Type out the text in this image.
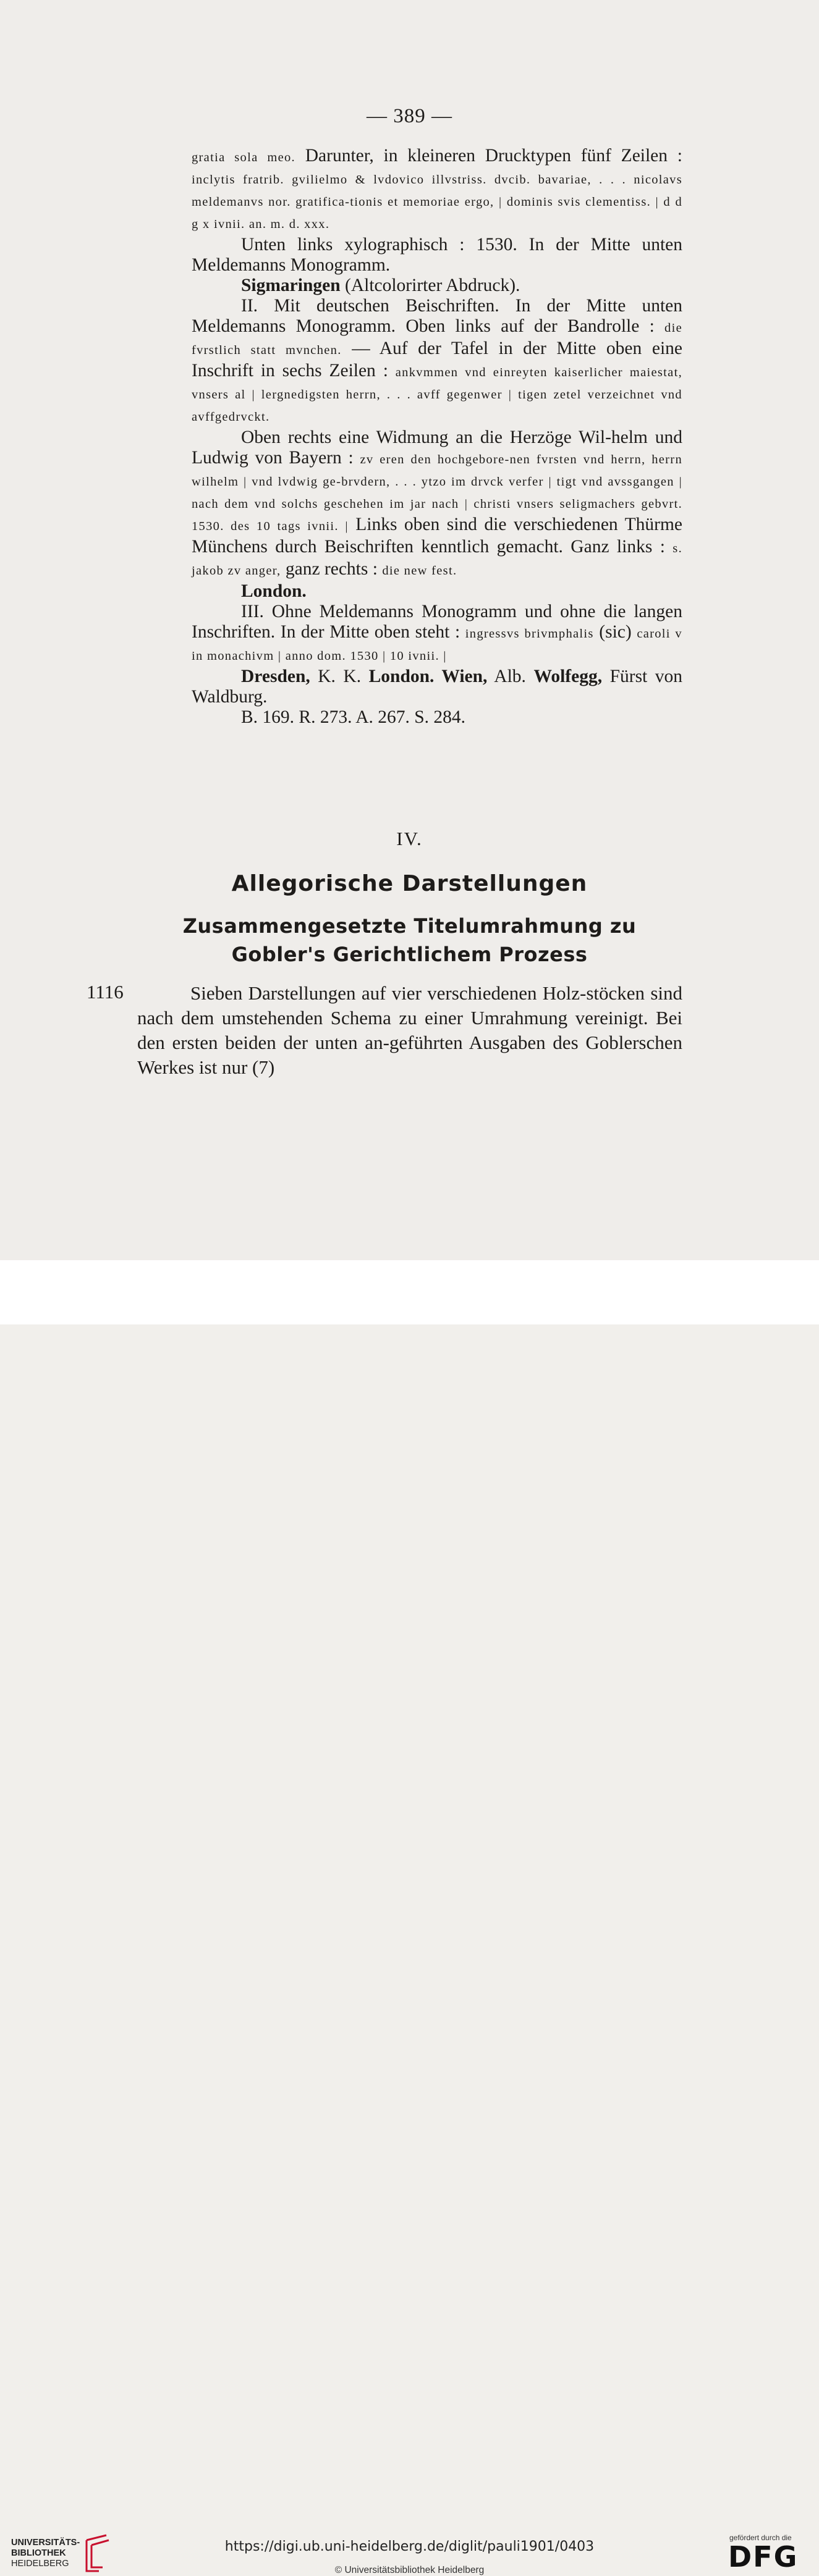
— 389 —

gratia sola meo. Darunter, in kleineren Drucktypen fünf Zeilen : inclytis fratrib. gvilielmo & lvdovico illvstriss. dvcib. bavariae, . . . nicolavs meldemanvs nor. gratifica-tionis et memoriae ergo, | dominis svis clementiss. | d d g x ivnii. an. m. d. xxx.

Unten links xylographisch : 1530. In der Mitte unten Meldemanns Monogramm.

Sigmaringen (Altcolorirter Abdruck).

II. Mit deutschen Beischriften. In der Mitte unten Meldemanns Monogramm. Oben links auf der Bandrolle : die fvrstlich statt mvnchen. — Auf der Tafel in der Mitte oben eine Inschrift in sechs Zeilen : ankvmmen vnd einreyten kaiserlicher maiestat, vnsers al | lergnedigsten herrn, . . . avff gegenwer | tigen zetel verzeichnet vnd avffgedrvckt.

Oben rechts eine Widmung an die Herzöge Wil-helm und Ludwig von Bayern : zv eren den hochgebore-nen fvrsten vnd herrn, herrn wilhelm | vnd lvdwig ge-brvdern, . . . ytzo im drvck verfer | tigt vnd avssgangen | nach dem vnd solchs geschehen im jar nach | christi vnsers seligmachers gebvrt. 1530. des 10 tags ivnii. | Links oben sind die verschiedenen Thürme Münchens durch Beischriften kenntlich gemacht. Ganz links : s. jakob zv anger, ganz rechts : die new fest.

London.

III. Ohne Meldemanns Monogramm und ohne die langen Inschriften. In der Mitte oben steht : ingressvs brivmphalis (sic) caroli v in monachivm | anno dom. 1530 | 10 ivnii. |

Dresden, K. K. London. Wien, Alb. Wolfegg, Fürst von Waldburg.

B. 169. R. 273. A. 267. S. 284.

IV.
Allegorische Darstellungen
Zusammengesetzte Titelumrahmung zu
Gobler's Gerichtlichem Prozess
1116	Sieben Darstellungen auf vier verschiedenen Holz-stöcken sind nach dem umstehenden Schema zu einer Umrahmung vereinigt. Bei den ersten beiden der unten an-geführten Ausgaben des Goblerschen Werkes ist nur (7)

UNIVERSITÄTS-
BIBLIOTHEK
HEIDELBERG
https://digi.ub.uni-heidelberg.de/diglit/pauli1901/0403
© Universitätsbibliothek Heidelberg
gefördert durch die
DFG
